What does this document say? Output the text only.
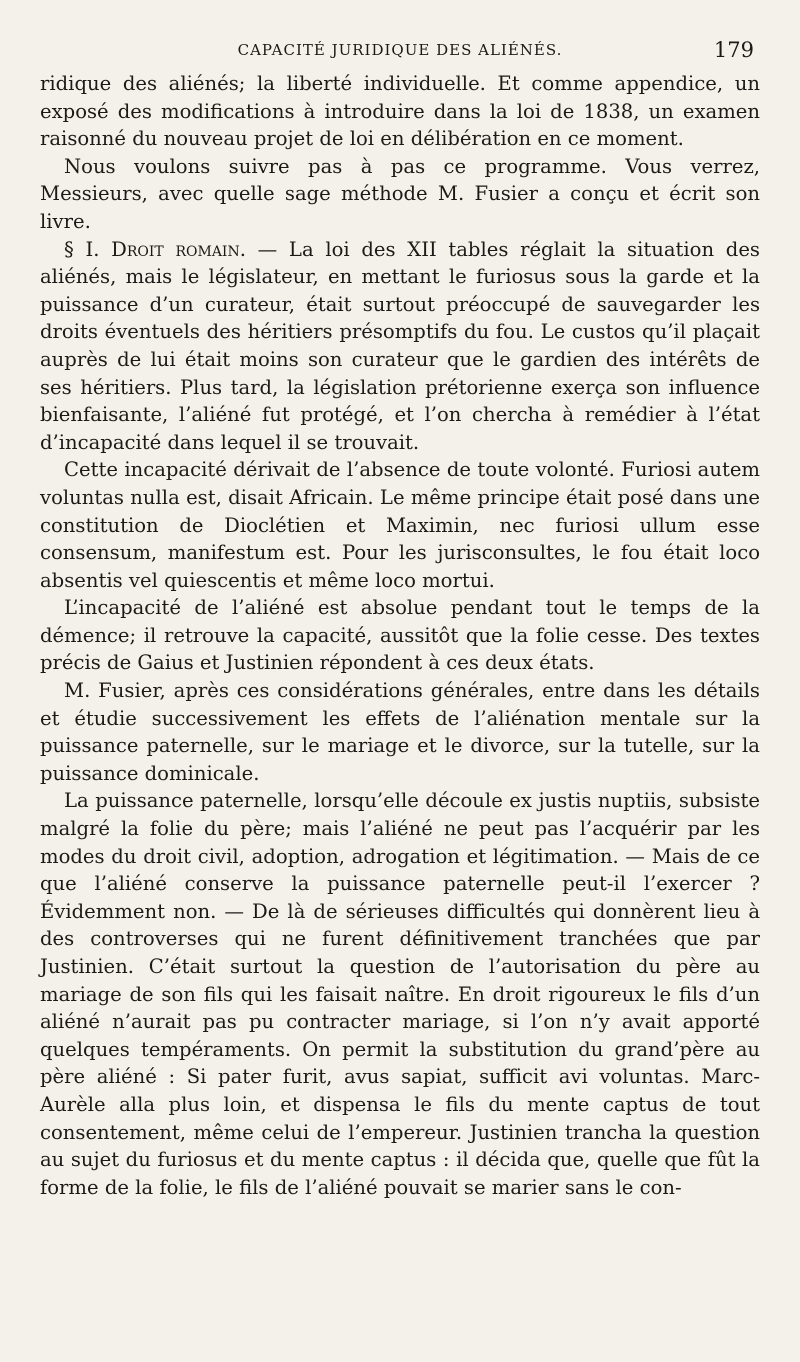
CAPACITÉ JURIDIQUE DES ALIÉNÉS.	179

ridique des aliénés; la liberté individuelle. Et comme appendice, un exposé des modifications à introduire dans la loi de 1838, un examen raisonné du nouveau projet de loi en délibération en ce moment.

Nous voulons suivre pas à pas ce programme. Vous verrez, Messieurs, avec quelle sage méthode M. Fusier a conçu et écrit son livre.

§ I. Droit romain. — La loi des XII tables réglait la situation des aliénés, mais le législateur, en mettant le furiosus sous la garde et la puissance d’un curateur, était surtout préoccupé de sauvegarder les droits éventuels des héritiers présomptifs du fou. Le custos qu’il plaçait auprès de lui était moins son curateur que le gardien des intérêts de ses héritiers. Plus tard, la législation prétorienne exerça son influence bienfaisante, l’aliéné fut protégé, et l’on chercha à remédier à l’état d’incapacité dans lequel il se trouvait.

Cette incapacité dérivait de l’absence de toute volonté. Furiosi autem voluntas nulla est, disait Africain. Le même principe était posé dans une constitution de Dioclétien et Maximin, nec furiosi ullum esse consensum, manifestum est. Pour les jurisconsultes, le fou était loco absentis vel quiescentis et même loco mortui.

L’incapacité de l’aliéné est absolue pendant tout le temps de la démence; il retrouve la capacité, aussitôt que la folie cesse. Des textes précis de Gaius et Justinien répondent à ces deux états.

M. Fusier, après ces considérations générales, entre dans les détails et étudie successivement les effets de l’aliénation mentale sur la puissance paternelle, sur le mariage et le divorce, sur la tutelle, sur la puissance dominicale.

La puissance paternelle, lorsqu’elle découle ex justis nuptiis, subsiste malgré la folie du père; mais l’aliéné ne peut pas l’acquérir par les modes du droit civil, adoption, adrogation et légitimation. — Mais de ce que l’aliéné conserve la puissance paternelle peut-il l’exercer ? Évidemment non. — De là de sérieuses difficultés qui donnèrent lieu à des controverses qui ne furent définitivement tranchées que par Justinien. C’était surtout la question de l’autorisation du père au mariage de son fils qui les faisait naître. En droit rigoureux le fils d’un aliéné n’aurait pas pu contracter mariage, si l’on n’y avait apporté quelques tempéraments. On permit la substitution du grand’père au père aliéné : Si pater furit, avus sapiat, sufficit avi voluntas. Marc-Aurèle alla plus loin, et dispensa le fils du mente captus de tout consentement, même celui de l’empereur. Justinien trancha la question au sujet du furiosus et du mente captus : il décida que, quelle que fût la forme de la folie, le fils de l’aliéné pouvait se marier sans le con-
